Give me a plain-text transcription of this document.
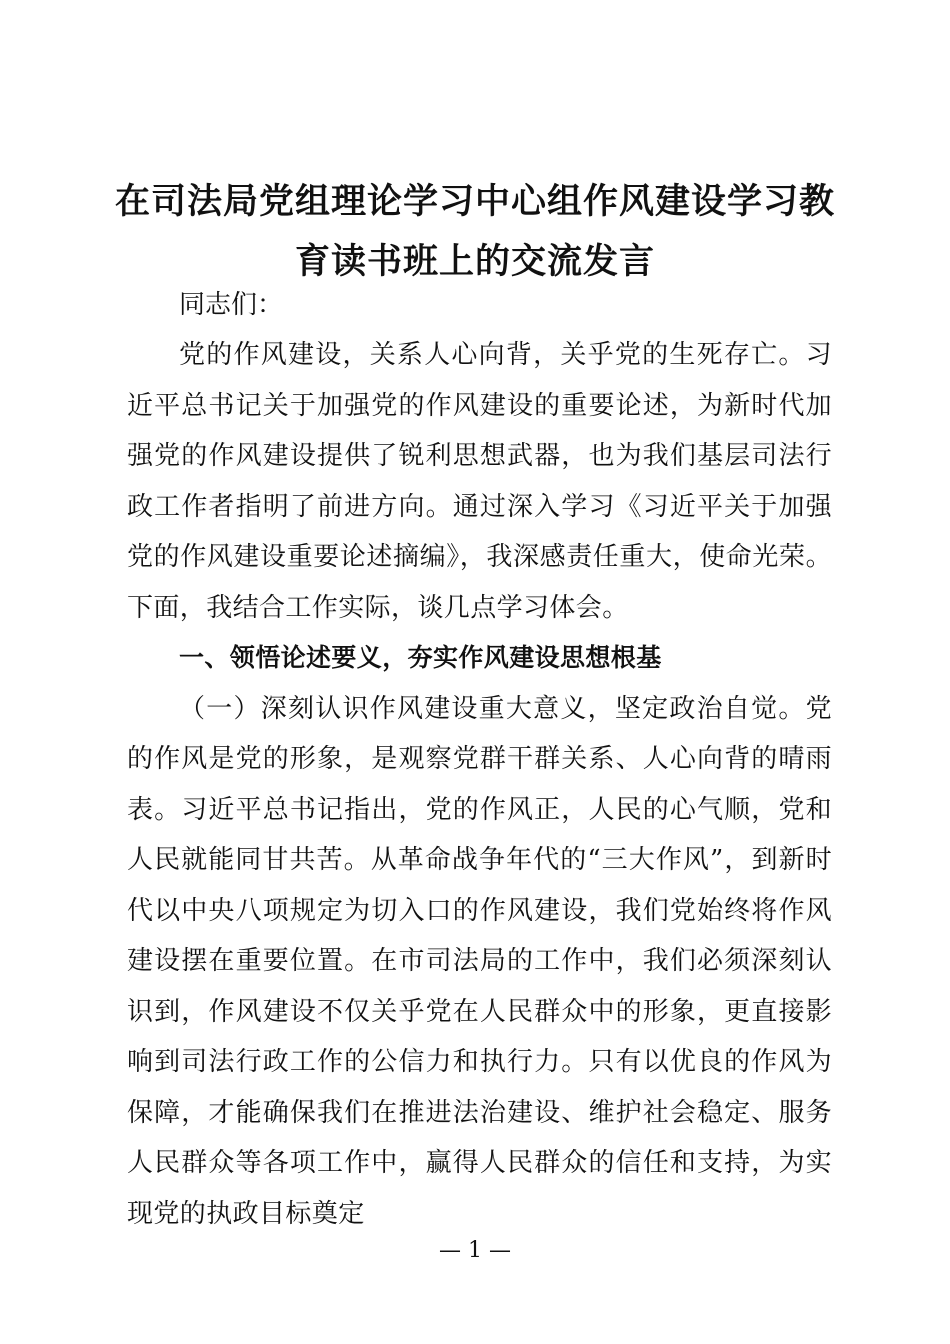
在司法局党组理论学习中心组作风建设学习教
育读书班上的交流发言

同志们：

党的作风建设，关系人心向背，关乎党的生死存亡。习近平总书记关于加强党的作风建设的重要论述，为新时代加强党的作风建设提供了锐利思想武器，也为我们基层司法行政工作者指明了前进方向。通过深入学习《习近平关于加强党的作风建设重要论述摘编》，我深感责任重大，使命光荣。下面，我结合工作实际，谈几点学习体会。

一、领悟论述要义，夯实作风建设思想根基

（一）深刻认识作风建设重大意义，坚定政治自觉。党的作风是党的形象，是观察党群干群关系、人心向背的晴雨表。习近平总书记指出，党的作风正，人民的心气顺，党和人民就能同甘共苦。从革命战争年代的“三大作风”，到新时代以中央八项规定为切入口的作风建设，我们党始终将作风建设摆在重要位置。在市司法局的工作中，我们必须深刻认识到，作风建设不仅关乎党在人民群众中的形象，更直接影响到司法行政工作的公信力和执行力。只有以优良的作风为保障，才能确保我们在推进法治建设、维护社会稳定、服务人民群众等各项工作中，赢得人民群众的信任和支持，为实现党的执政目标奠定

— 1 —
